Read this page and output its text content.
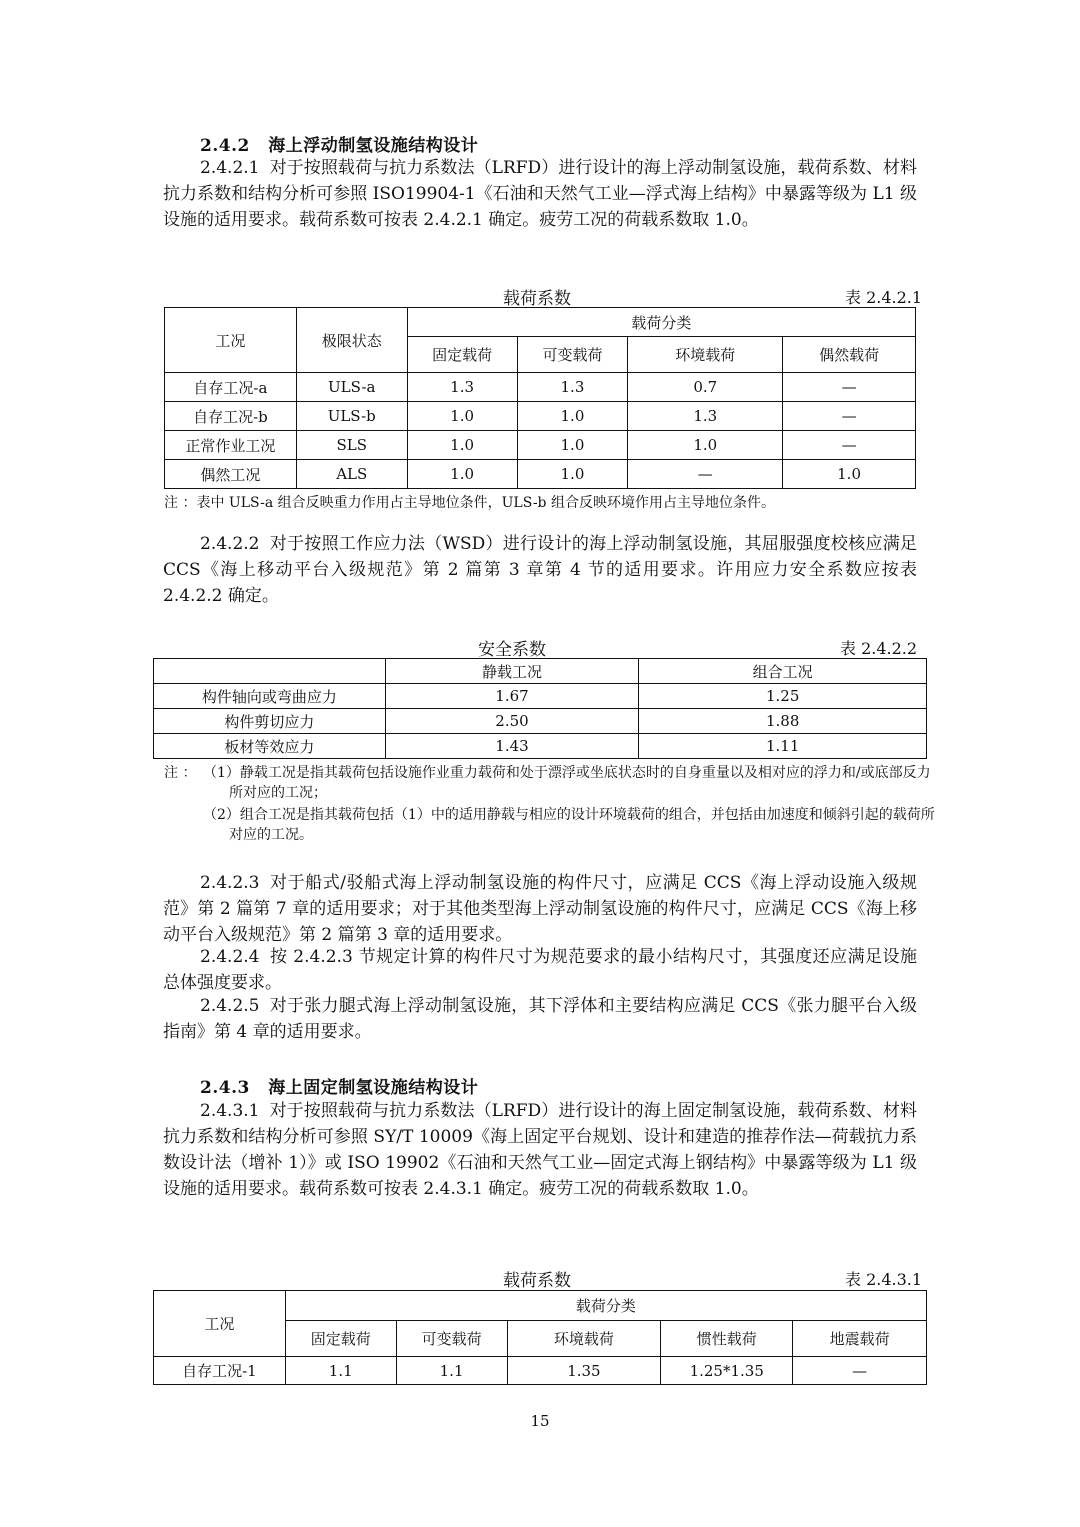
2.4.2 海上浮动制氢设施结构设计
2.4.2.1 对于按照载荷与抗力系数法（LRFD）进行设计的海上浮动制氢设施，载荷系数、材料抗力系数和结构分析可参照 ISO19904-1《石油和天然气工业—浮式海上结构》中暴露等级为 L1 级设施的适用要求。载荷系数可按表 2.4.2.1 确定。疲劳工况的荷载系数取 1.0。
载荷系数	表 2.4.2.1
工况	极限状态	载荷分类			
		固定载荷	可变载荷	环境载荷	偶然载荷
自存工况-a	ULS-a	1.3	1.3	0.7	—
自存工况-b	ULS-b	1.0	1.0	1.3	—
正常作业工况	SLS	1.0	1.0	1.0	—
偶然工况	ALS	1.0	1.0	—	1.0
注 ：表中 ULS-a 组合反映重力作用占主导地位条件，ULS-b 组合反映环境作用占主导地位条件。
2.4.2.2 对于按照工作应力法（WSD）进行设计的海上浮动制氢设施，其屈服强度校核应满足 CCS《海上移动平台入级规范》第 2 篇第 3 章第 4 节的适用要求。许用应力安全系数应按表 2.4.2.2 确定。
安全系数	表 2.4.2.2
	静载工况	组合工况
构件轴向或弯曲应力	1.67	1.25
构件剪切应力	2.50	1.88
板材等效应力	1.43	1.11
注 ： （1）静载工况是指其载荷包括设施作业重力载荷和处于漂浮或坐底状态时的自身重量以及相对应的浮力和/或底部反力所对应的工况；
（2）组合工况是指其载荷包括（1）中的适用静载与相应的设计环境载荷的组合，并包括由加速度和倾斜引起的载荷所对应的工况。
2.4.2.3 对于船式/驳船式海上浮动制氢设施的构件尺寸，应满足 CCS《海上浮动设施入级规范》第 2 篇第 7 章的适用要求；对于其他类型海上浮动制氢设施的构件尺寸，应满足 CCS《海上移动平台入级规范》第 2 篇第 3 章的适用要求。
2.4.2.4 按 2.4.2.3 节规定计算的构件尺寸为规范要求的最小结构尺寸，其强度还应满足设施总体强度要求。
2.4.2.5 对于张力腿式海上浮动制氢设施，其下浮体和主要结构应满足 CCS《张力腿平台入级指南》第 4 章的适用要求。
2.4.3 海上固定制氢设施结构设计
2.4.3.1 对于按照载荷与抗力系数法（LRFD）进行设计的海上固定制氢设施，载荷系数、材料抗力系数和结构分析可参照 SY/T 10009《海上固定平台规划、设计和建造的推荐作法—荷载抗力系数设计法（增补 1）》或 ISO 19902《石油和天然气工业—固定式海上钢结构》中暴露等级为 L1 级设施的适用要求。载荷系数可按表 2.4.3.1 确定。疲劳工况的荷载系数取 1.0。
载荷系数	表 2.4.3.1
工况	载荷分类				
	固定载荷	可变载荷	环境载荷	惯性载荷	地震载荷
自存工况-1	1.1	1.1	1.35	1.25*1.35	—
15
